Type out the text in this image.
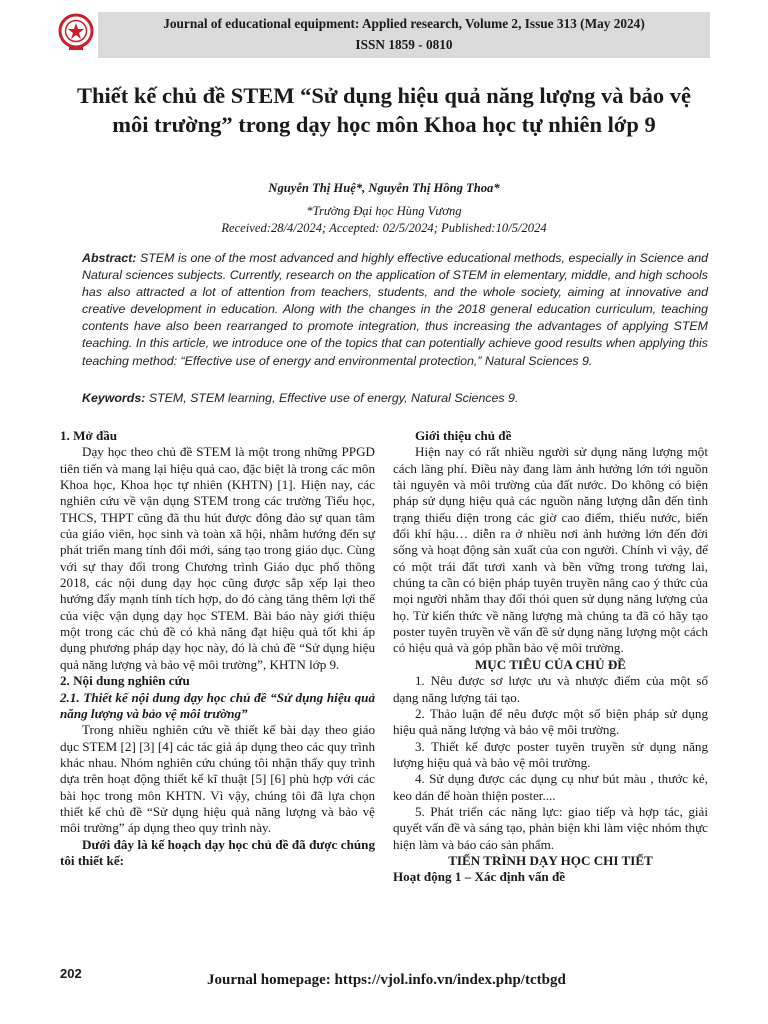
Journal of educational equipment: Applied research, Volume 2, Issue 313 (May 2024)
ISSN 1859 - 0810
Thiết kế chủ đề STEM “Sử dụng hiệu quả năng lượng và bảo vệ môi trường” trong dạy học môn Khoa học tự nhiên lớp 9
Nguyễn Thị Huệ*, Nguyễn Thị Hồng Thoa*
*Trường Đại học Hùng Vương
Received:28/4/2024; Accepted: 02/5/2024; Published:10/5/2024
Abstract: STEM is one of the most advanced and highly effective educational methods, especially in Science and Natural sciences subjects. Currently, research on the application of STEM in elementary, middle, and high schools has also attracted a lot of attention from teachers, students, and the whole society, aiming at innovative and creative development in education. Along with the changes in the 2018 general education curriculum, teaching contents have also been rearranged to promote integration, thus increasing the advantages of applying STEM teaching. In this article, we introduce one of the topics that can potentially achieve good results when applying this teaching method: “Effective use of energy and environmental protection,” Natural Sciences 9.
Keywords: STEM, STEM learning, Effective use of energy, Natural Sciences 9.

1. Mở đầu

Dạy học theo chủ đề STEM là một trong những PPGD tiên tiến và mang lại hiệu quả cao, đặc biệt là trong các môn Khoa học, Khoa học tự nhiên (KHTN) [1]. Hiện nay, các nghiên cứu về vận dụng STEM trong các trường Tiểu học, THCS, THPT cũng đã thu hút được đông đảo sự quan tâm của giáo viên, học sinh và toàn xã hội, nhằm hướng đến sự phát triển mang tính đổi mới, sáng tạo trong giáo dục. Cùng với sự thay đổi trong Chương trình Giáo dục phổ thông 2018, các nội dung dạy học cũng được sắp xếp lại theo hướng đẩy mạnh tính tích hợp, do đó càng tăng thêm lợi thế của việc vận dụng dạy học STEM. Bài báo này giới thiệu một trong các chủ đề có khả năng đạt hiệu quả tốt khi áp dụng phương pháp dạy học này, đó là chủ đề “Sử dụng hiệu quả năng lượng và bảo vệ môi trường”, KHTN lớp 9.

2. Nội dung nghiên cứu

2.1. Thiết kế nội dung dạy học chủ đề “Sử dụng hiệu quả năng lượng và bảo vệ môi trường”

Trong nhiều nghiên cứu về thiết kế bài dạy theo giáo dục STEM [2] [3] [4] các tác giả áp dụng theo các quy trình khác nhau. Nhóm nghiên cứu chúng tôi nhận thấy quy trình dựa trên hoạt động thiết kế kĩ thuật [5] [6] phù hợp với các bài học trong môn KHTN. Vì vậy, chúng tôi đã lựa chọn thiết kế chủ đề “Sử dụng hiệu quả năng lượng và bảo vệ môi trường” áp dụng theo quy trình này.

Dưới đây là kế hoạch dạy học chủ đề đã được chúng tôi thiết kế:

Giới thiệu chủ đề

Hiện nay có rất nhiều người sử dụng năng lượng một cách lãng phí. Điều này đang làm ảnh hưởng lớn tới nguồn tài nguyên và môi trường của đất nước. Do không có biện pháp sử dụng hiệu quả các nguồn năng lượng dẫn đến tình trạng thiếu điện trong các giờ cao điểm, thiếu nước, biến đổi khí hậu… diễn ra ở nhiều nơi ảnh hưởng lớn đến đời sống và hoạt động sản xuất của con người. Chính vì vậy, để có một trái đất tươi xanh và bền vững trong tương lai, chúng ta cần có biện pháp tuyên truyền nâng cao ý thức của mọi người nhằm thay đổi thói quen sử dụng năng lượng của họ. Từ kiến thức về năng lượng mà chúng ta đã có hãy tạo poster tuyên truyền về vấn đề sử dụng năng lượng một cách có hiệu quả và góp phần bảo vệ môi trường.

MỤC TIÊU CỦA CHỦ ĐỀ

1. Nêu được sơ lược ưu và nhược điểm của một số dạng năng lượng tái tạo.

2. Thảo luận để nêu được một số biện pháp sử dụng hiệu quả năng lượng và bảo vệ môi trường.

3. Thiết kế được poster tuyên truyền sử dụng năng lượng hiệu quả và bảo vệ môi trường.

4. Sử dụng được các dụng cụ như bút màu , thước kẻ, keo dán để hoàn thiện poster....

5. Phát triển các năng lực: giao tiếp và hợp tác, giải quyết vấn đề và sáng tạo, phản biện khi làm việc nhóm thực hiện làm và báo cáo sản phẩm.

TIẾN TRÌNH DẠY HỌC CHI TIẾT

Hoạt động 1 – Xác định vấn đề

202	Journal homepage: https://vjol.info.vn/index.php/tctbgd
